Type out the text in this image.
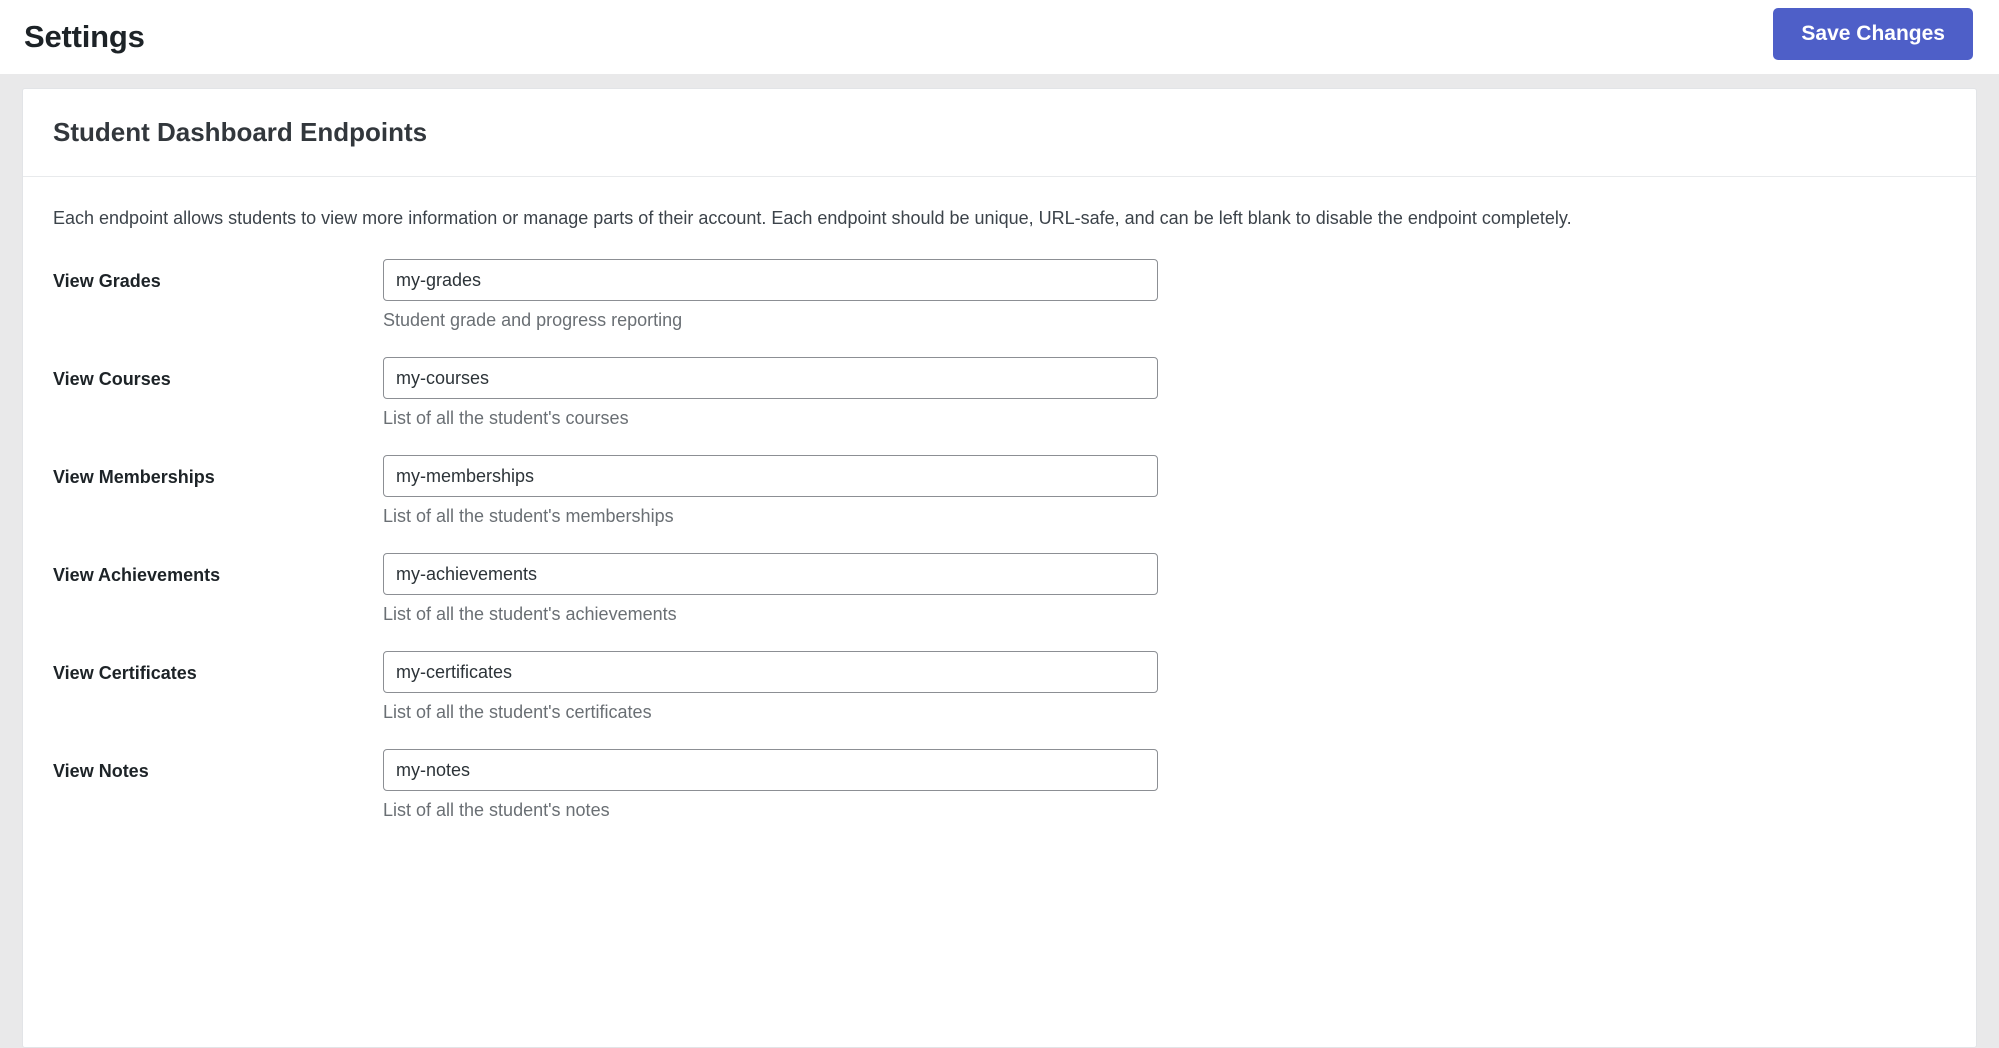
Settings	Save Changes
Student Dashboard Endpoints

Each endpoint allows students to view more information or manage parts of their account. Each endpoint should be unique, URL-safe, and can be left blank to disable the endpoint completely.

View Grades
my-grades
Student grade and progress reporting
View Courses
my-courses
List of all the student's courses
View Memberships
my-memberships
List of all the student's memberships
View Achievements
my-achievements
List of all the student's achievements
View Certificates
my-certificates
List of all the student's certificates
View Notes
my-notes
List of all the student's notes
